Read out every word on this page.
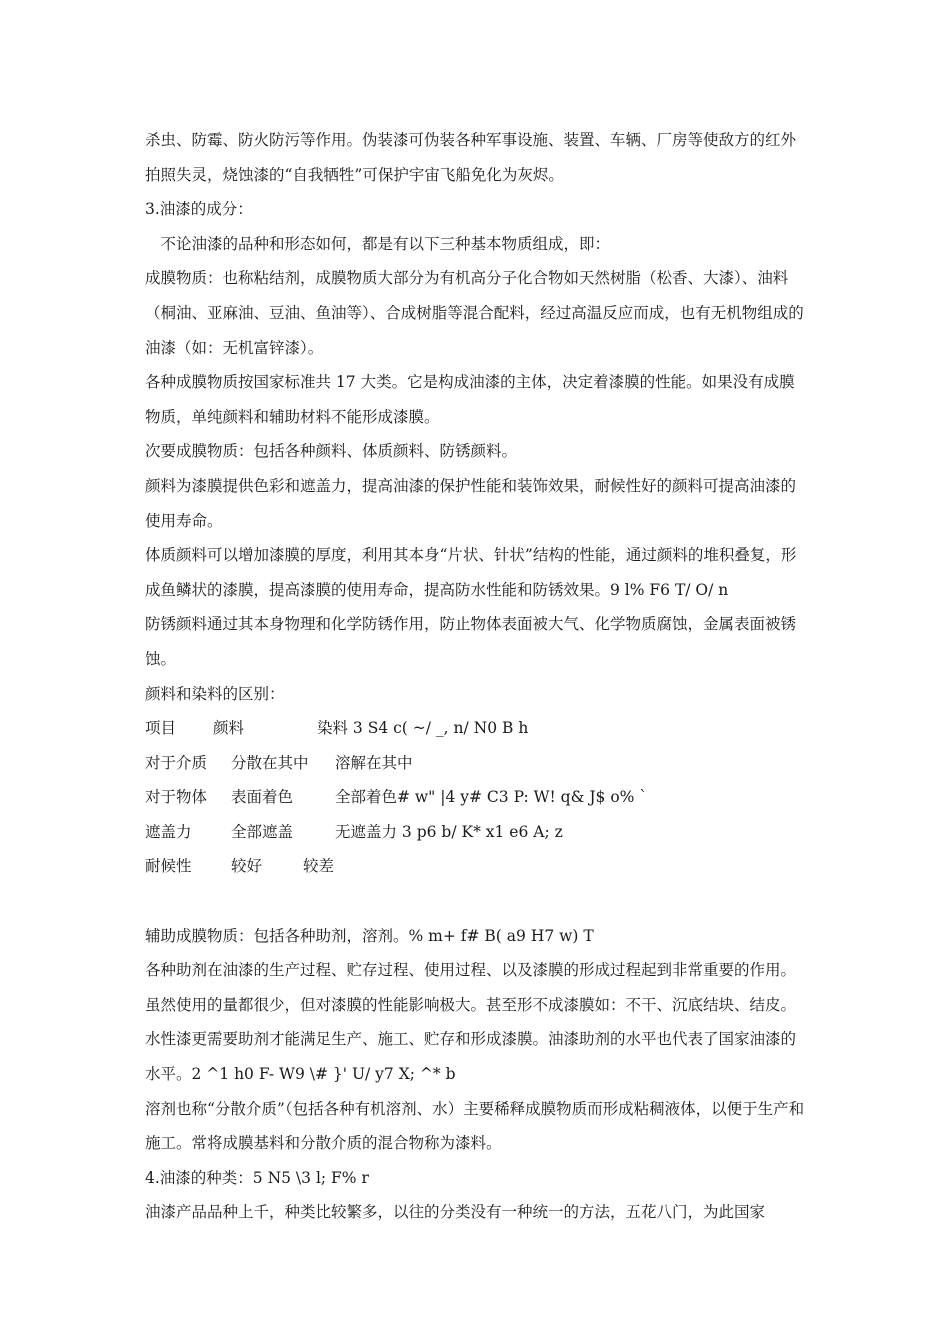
杀虫、防霉、防火防污等作用。伪装漆可伪装各种军事设施、装置、车辆、厂房等使敌方的红外拍照失灵，烧蚀漆的“自我牺牲”可保护宇宙飞船免化为灰烬。

3.油漆的成分：

不论油漆的品种和形态如何，都是有以下三种基本物质组成，即：

成膜物质：也称粘结剂，成膜物质大部分为有机高分子化合物如天然树脂（松香、大漆）、油料（桐油、亚麻油、豆油、鱼油等）、合成树脂等混合配料，经过高温反应而成，也有无机物组成的油漆（如：无机富锌漆）。

各种成膜物质按国家标准共 17 大类。它是构成油漆的主体，决定着漆膜的性能。如果没有成膜物质，单纯颜料和辅助材料不能形成漆膜。

次要成膜物质：包括各种颜料、体质颜料、防锈颜料。

颜料为漆膜提供色彩和遮盖力，提高油漆的保护性能和装饰效果，耐候性好的颜料可提高油漆的使用寿命。

体质颜料可以增加漆膜的厚度，利用其本身“片状、针状”结构的性能，通过颜料的堆积叠复，形成鱼鳞状的漆膜，提高漆膜的使用寿命，提高防水性能和防锈效果。9 l% F6 T/ O/ n

防锈颜料通过其本身物理和化学防锈作用，防止物体表面被大气、化学物质腐蚀，金属表面被锈蚀。

颜料和染料的区别：

项目 颜料	染料 3 S4 c( ~/ _, n/ N0 B h
对于介质 分散在其中 溶解在其中
对于物体 表面着色	全部着色# w" |4 y# C3 P: W! q& J$ o% `
遮盖力	全部遮盖	无遮盖力 3 p6 b/ K* x1 e6 A; z
耐候性	较好	较差

辅助成膜物质：包括各种助剂，溶剂。% m+ f# B( a9 H7 w) T

各种助剂在油漆的生产过程、贮存过程、使用过程、以及漆膜的形成过程起到非常重要的作用。虽然使用的量都很少，但对漆膜的性能影响极大。甚至形不成漆膜如：不干、沉底结块、结皮。水性漆更需要助剂才能满足生产、施工、贮存和形成漆膜。油漆助剂的水平也代表了国家油漆的水平。2 ^1 h0 F- W9 \# }' U/ y7 X; ^* b

溶剂也称“分散介质”（包括各种有机溶剂、水）主要稀释成膜物质而形成粘稠液体，以便于生产和施工。常将成膜基料和分散介质的混合物称为漆料。

4.油漆的种类：5 N5 \3 l; F% r

油漆产品品种上千，种类比较繁多，以往的分类没有一种统一的方法，五花八门，为此国家
